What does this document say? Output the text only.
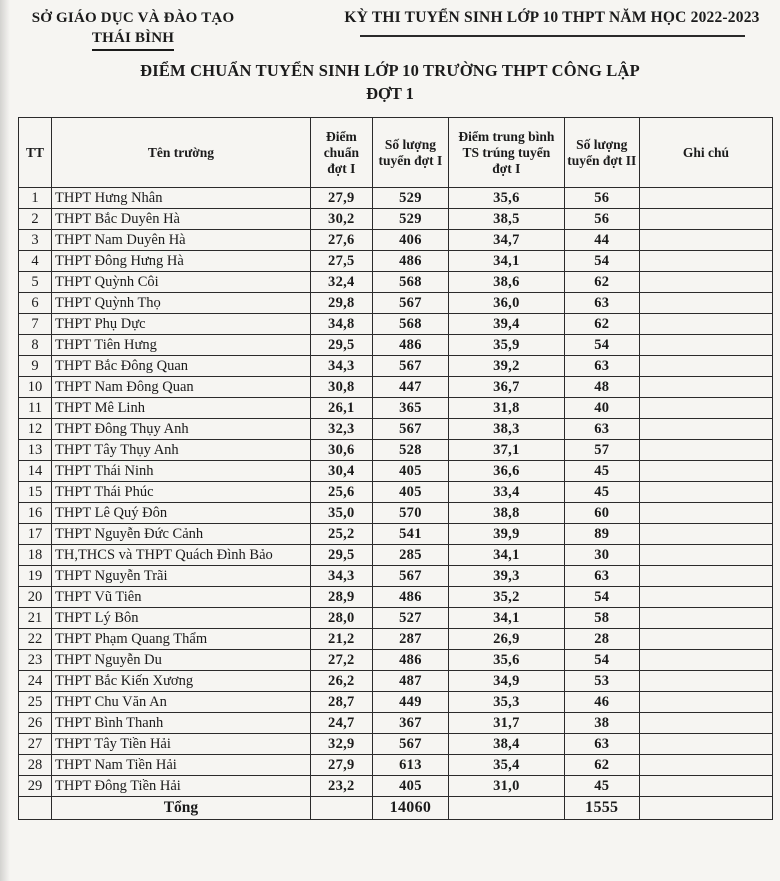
SỞ GIÁO DỤC VÀ ĐÀO TẠO
THÁI BÌNH
KỲ THI TUYỂN SINH LỚP 10 THPT NĂM HỌC 2022-2023
ĐIỂM CHUẨN TUYỂN SINH LỚP 10 TRƯỜNG THPT CÔNG LẬP
ĐỢT 1
TT	Tên trường	Điểm chuẩn đợt I	Số lượng tuyển đợt I	Điểm trung bình TS trúng tuyển đợt I	Số lượng tuyển đợt II	Ghi chú
1	THPT Hưng Nhân	27,9	529	35,6	56	
2	THPT Bắc Duyên Hà	30,2	529	38,5	56	
3	THPT Nam Duyên Hà	27,6	406	34,7	44	
4	THPT Đông Hưng Hà	27,5	486	34,1	54	
5	THPT Quỳnh Côi	32,4	568	38,6	62	
6	THPT Quỳnh Thọ	29,8	567	36,0	63	
7	THPT Phụ Dực	34,8	568	39,4	62	
8	THPT Tiên Hưng	29,5	486	35,9	54	
9	THPT Bắc Đông Quan	34,3	567	39,2	63	
10	THPT Nam Đông Quan	30,8	447	36,7	48	
11	THPT Mê Linh	26,1	365	31,8	40	
12	THPT Đông Thụy Anh	32,3	567	38,3	63	
13	THPT Tây Thụy Anh	30,6	528	37,1	57	
14	THPT Thái Ninh	30,4	405	36,6	45	
15	THPT Thái Phúc	25,6	405	33,4	45	
16	THPT Lê Quý Đôn	35,0	570	38,8	60	
17	THPT Nguyễn Đức Cảnh	25,2	541	39,9	89	
18	TH,THCS và THPT Quách Đình Bảo	29,5	285	34,1	30	
19	THPT Nguyễn Trãi	34,3	567	39,3	63	
20	THPT Vũ Tiên	28,9	486	35,2	54	
21	THPT Lý Bôn	28,0	527	34,1	58	
22	THPT Phạm Quang Thẩm	21,2	287	26,9	28	
23	THPT Nguyễn Du	27,2	486	35,6	54	
24	THPT Bắc Kiến Xương	26,2	487	34,9	53	
25	THPT Chu Văn An	28,7	449	35,3	46	
26	THPT Bình Thanh	24,7	367	31,7	38	
27	THPT Tây Tiền Hải	32,9	567	38,4	63	
28	THPT Nam Tiền Hải	27,9	613	35,4	62	
29	THPT Đông Tiền Hải	23,2	405	31,0	45	
	Tổng		14060		1555	
